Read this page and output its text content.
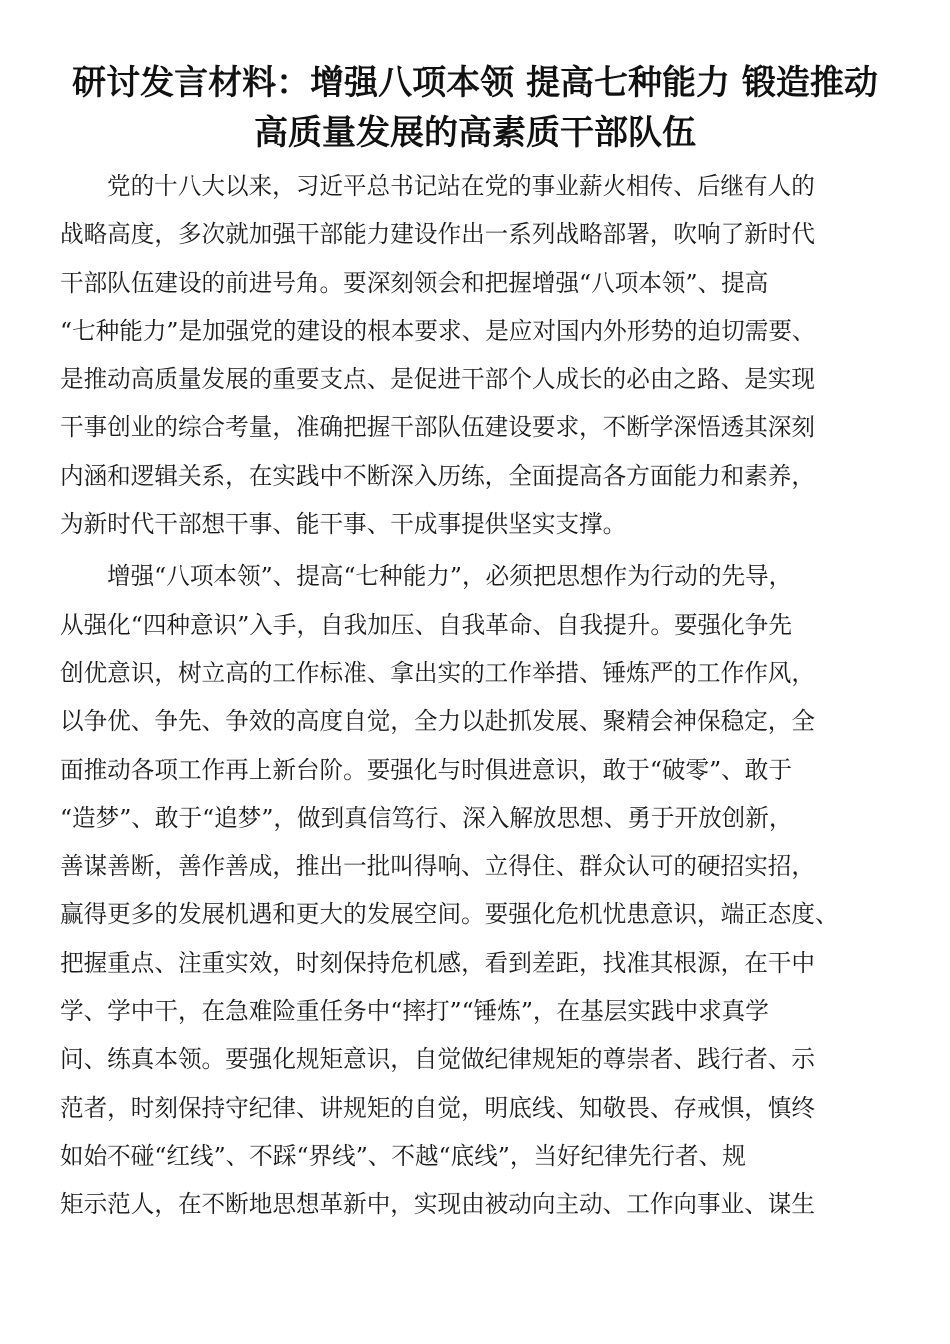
研讨发言材料：增强八项本领 提高七种能力 锻造推动
高质量发展的高素质干部队伍
党的十八大以来，习近平总书记站在党的事业薪火相传、后继有人的
战略高度，多次就加强干部能力建设作出一系列战略部署，吹响了新时代
干部队伍建设的前进号角。要深刻领会和把握增强“八项本领”、提高
“七种能力”是加强党的建设的根本要求、是应对国内外形势的迫切需要、
是推动高质量发展的重要支点、是促进干部个人成长的必由之路、是实现
干事创业的综合考量，准确把握干部队伍建设要求，不断学深悟透其深刻
内涵和逻辑关系，在实践中不断深入历练，全面提高各方面能力和素养，
为新时代干部想干事、能干事、干成事提供坚实支撑。
增强“八项本领”、提高“七种能力”，必须把思想作为行动的先导，
从强化“四种意识”入手，自我加压、自我革命、自我提升。要强化争先
创优意识，树立高的工作标准、拿出实的工作举措、锤炼严的工作作风，
以争优、争先、争效的高度自觉，全力以赴抓发展、聚精会神保稳定，全
面推动各项工作再上新台阶。要强化与时俱进意识，敢于“破零”、敢于
“造梦”、敢于“追梦”，做到真信笃行、深入解放思想、勇于开放创新，
善谋善断，善作善成，推出一批叫得响、立得住、群众认可的硬招实招，
赢得更多的发展机遇和更大的发展空间。要强化危机忧患意识，端正态度、
把握重点、注重实效，时刻保持危机感，看到差距，找准其根源，在干中
学、学中干，在急难险重任务中“摔打”“锤炼”，在基层实践中求真学
问、练真本领。要强化规矩意识，自觉做纪律规矩的尊崇者、践行者、示
范者，时刻保持守纪律、讲规矩的自觉，明底线、知敬畏、存戒惧，慎终
如始不碰“红线”、不踩“界线”、不越“底线”，当好纪律先行者、规
矩示范人，在不断地思想革新中，实现由被动向主动、工作向事业、谋生
